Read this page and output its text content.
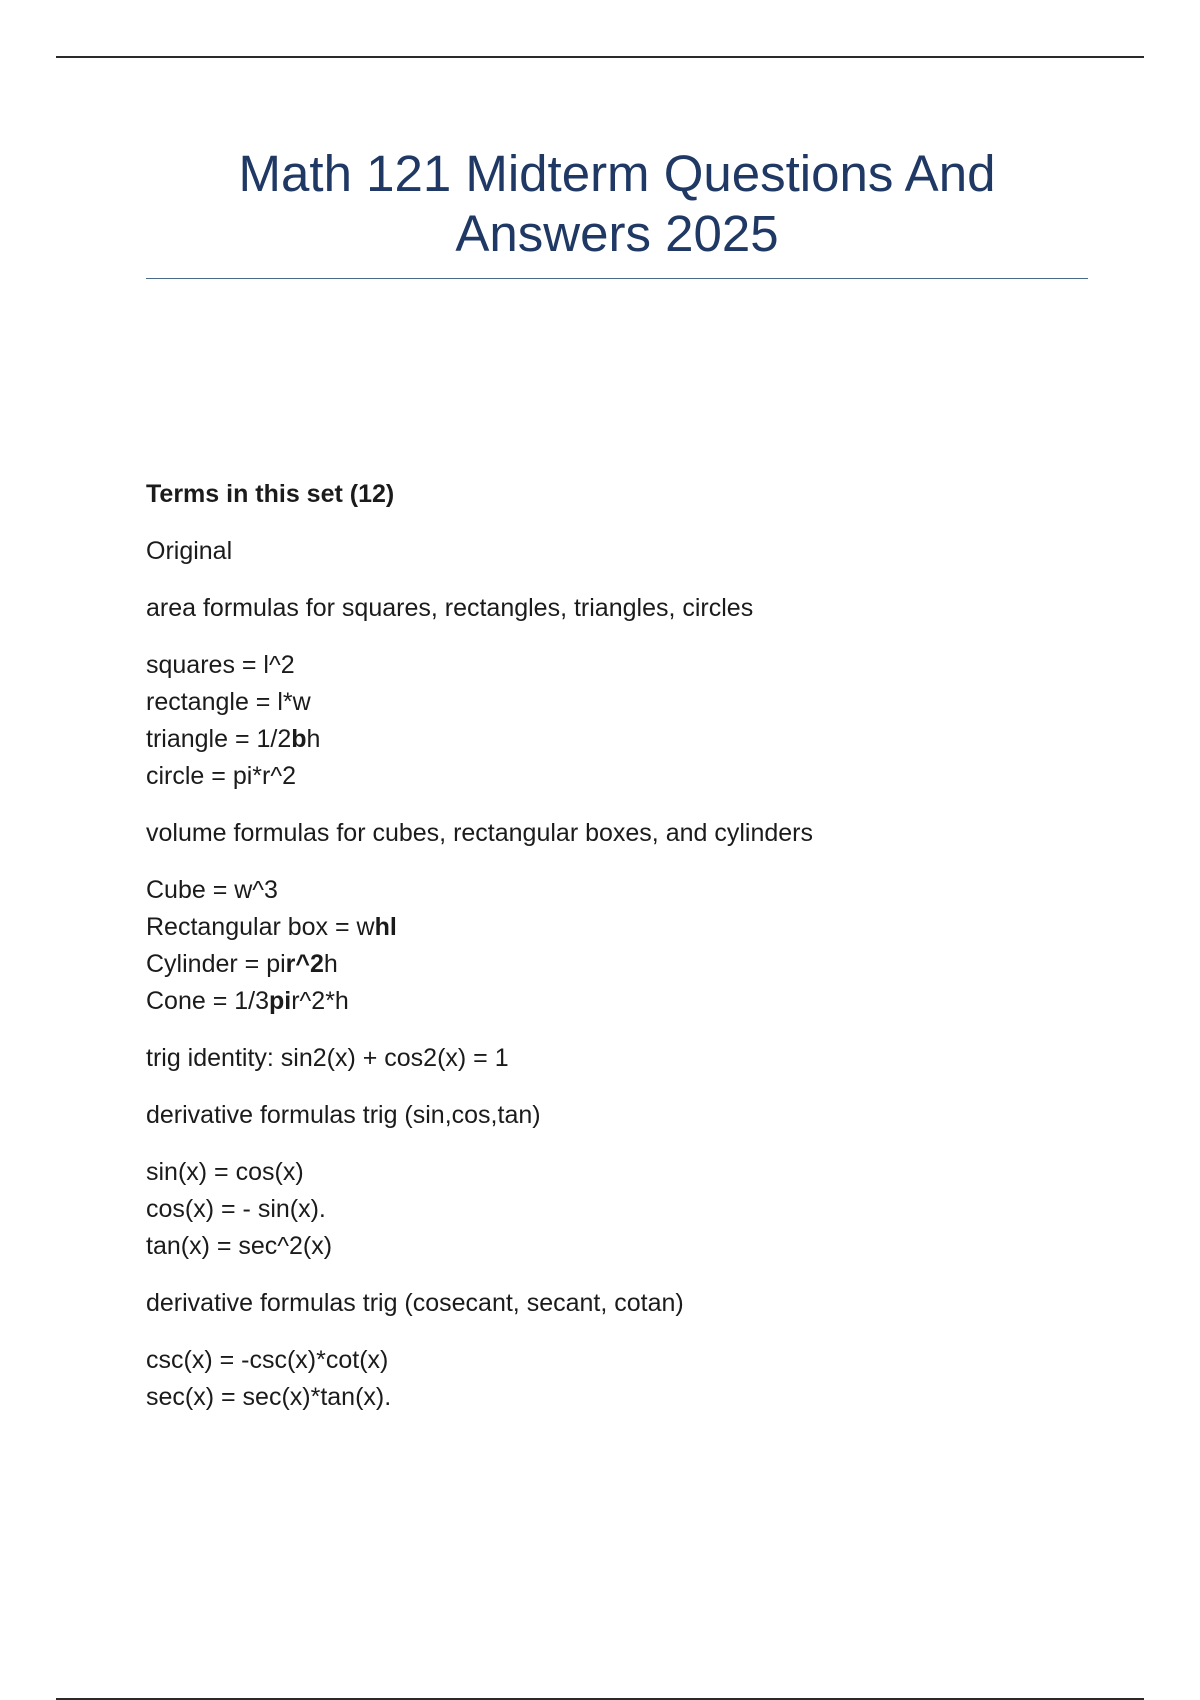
Math 121 Midterm Questions And Answers 2025
Terms in this set (12)
Original
area formulas for squares, rectangles, triangles, circles
squares = l^2
rectangle = l*w
triangle = 1/2bh
circle = pi*r^2
volume formulas for cubes, rectangular boxes, and cylinders
Cube = w^3
Rectangular box = whl
Cylinder = pir^2h
Cone = 1/3pir^2*h
trig identity: sin2(x) + cos2(x) = 1
derivative formulas trig (sin,cos,tan)
sin(x) = cos(x)
cos(x) = - sin(x).
tan(x) = sec^2(x)
derivative formulas trig (cosecant, secant, cotan)
csc(x) = -csc(x)*cot(x)
sec(x) = sec(x)*tan(x).
